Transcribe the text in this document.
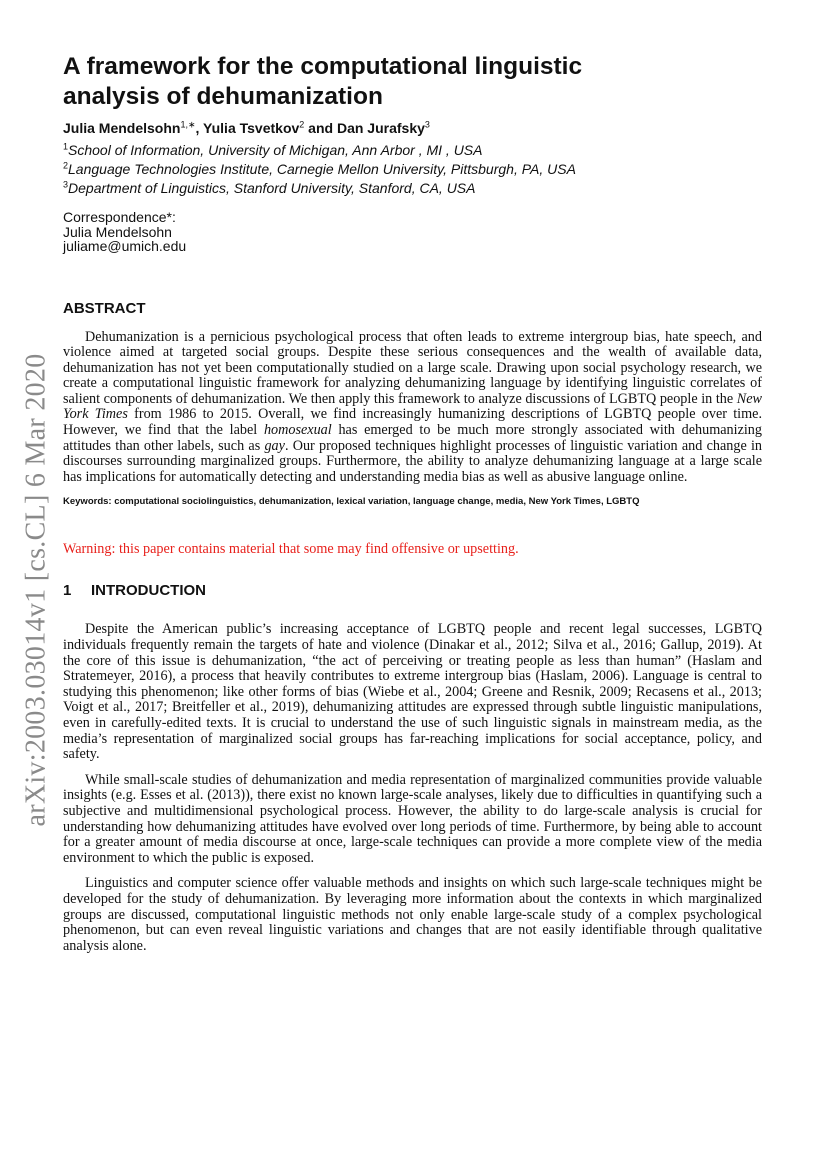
arXiv:2003.03014v1 [cs.CL] 6 Mar 2020
A framework for the computational linguistic
analysis of dehumanization
Julia Mendelsohn$^{1,∗}$, Yulia Tsvetkov$^2$ and Dan Jurafsky$^3$
$^1$School of Information, University of Michigan, Ann Arbor , MI , USA
$^2$Language Technologies Institute, Carnegie Mellon University, Pittsburgh, PA, USA
$^3$Department of Linguistics, Stanford University, Stanford, CA, USA
Correspondence*:
Julia Mendelsohn
juliame@umich.edu
ABSTRACT

Dehumanization is a pernicious psychological process that often leads to extreme intergroup bias, hate speech, and violence aimed at targeted social groups. Despite these serious consequences and the wealth of available data, dehumanization has not yet been computationally studied on a large scale. Drawing upon social psychology research, we create a computational linguistic framework for analyzing dehumanizing language by identifying linguistic correlates of salient components of dehumanization. We then apply this framework to analyze discussions of LGBTQ people in the New York Times from 1986 to 2015. Overall, we find increasingly humanizing descriptions of LGBTQ people over time. However, we find that the label homosexual has emerged to be much more strongly associated with dehumanizing attitudes than other labels, such as gay. Our proposed techniques highlight processes of linguistic variation and change in discourses surrounding marginalized groups. Furthermore, the ability to analyze dehumanizing language at a large scale has implications for automatically detecting and understanding media bias as well as abusive language online.

Keywords: computational sociolinguistics, dehumanization, lexical variation, language change, media, New York Times, LGBTQ
Warning: this paper contains material that some may find offensive or upsetting.
1	INTRODUCTION

Despite the American public’s increasing acceptance of LGBTQ people and recent legal successes, LGBTQ individuals frequently remain the targets of hate and violence (Dinakar et al., 2012; Silva et al., 2016; Gallup, 2019). At the core of this issue is dehumanization, “the act of perceiving or treating people as less than human” (Haslam and Stratemeyer, 2016), a process that heavily contributes to extreme intergroup bias (Haslam, 2006). Language is central to studying this phenomenon; like other forms of bias (Wiebe et al., 2004; Greene and Resnik, 2009; Recasens et al., 2013; Voigt et al., 2017; Breitfeller et al., 2019), dehumanizing attitudes are expressed through subtle linguistic manipulations, even in carefully-edited texts. It is crucial to understand the use of such linguistic signals in mainstream media, as the media’s representation of marginalized social groups has far-reaching implications for social acceptance, policy, and safety.

While small-scale studies of dehumanization and media representation of marginalized communities provide valuable insights (e.g. Esses et al. (2013)), there exist no known large-scale analyses, likely due to difficulties in quantifying such a subjective and multidimensional psychological process. However, the ability to do large-scale analysis is crucial for understanding how dehumanizing attitudes have evolved over long periods of time. Furthermore, by being able to account for a greater amount of media discourse at once, large-scale techniques can provide a more complete view of the media environment to which the public is exposed.

Linguistics and computer science offer valuable methods and insights on which such large-scale techniques might be developed for the study of dehumanization. By leveraging more information about the contexts in which marginalized groups are discussed, computational linguistic methods not only enable large-scale study of a complex psychological phenomenon, but can even reveal linguistic variations and changes that are not easily identifiable through qualitative analysis alone.
